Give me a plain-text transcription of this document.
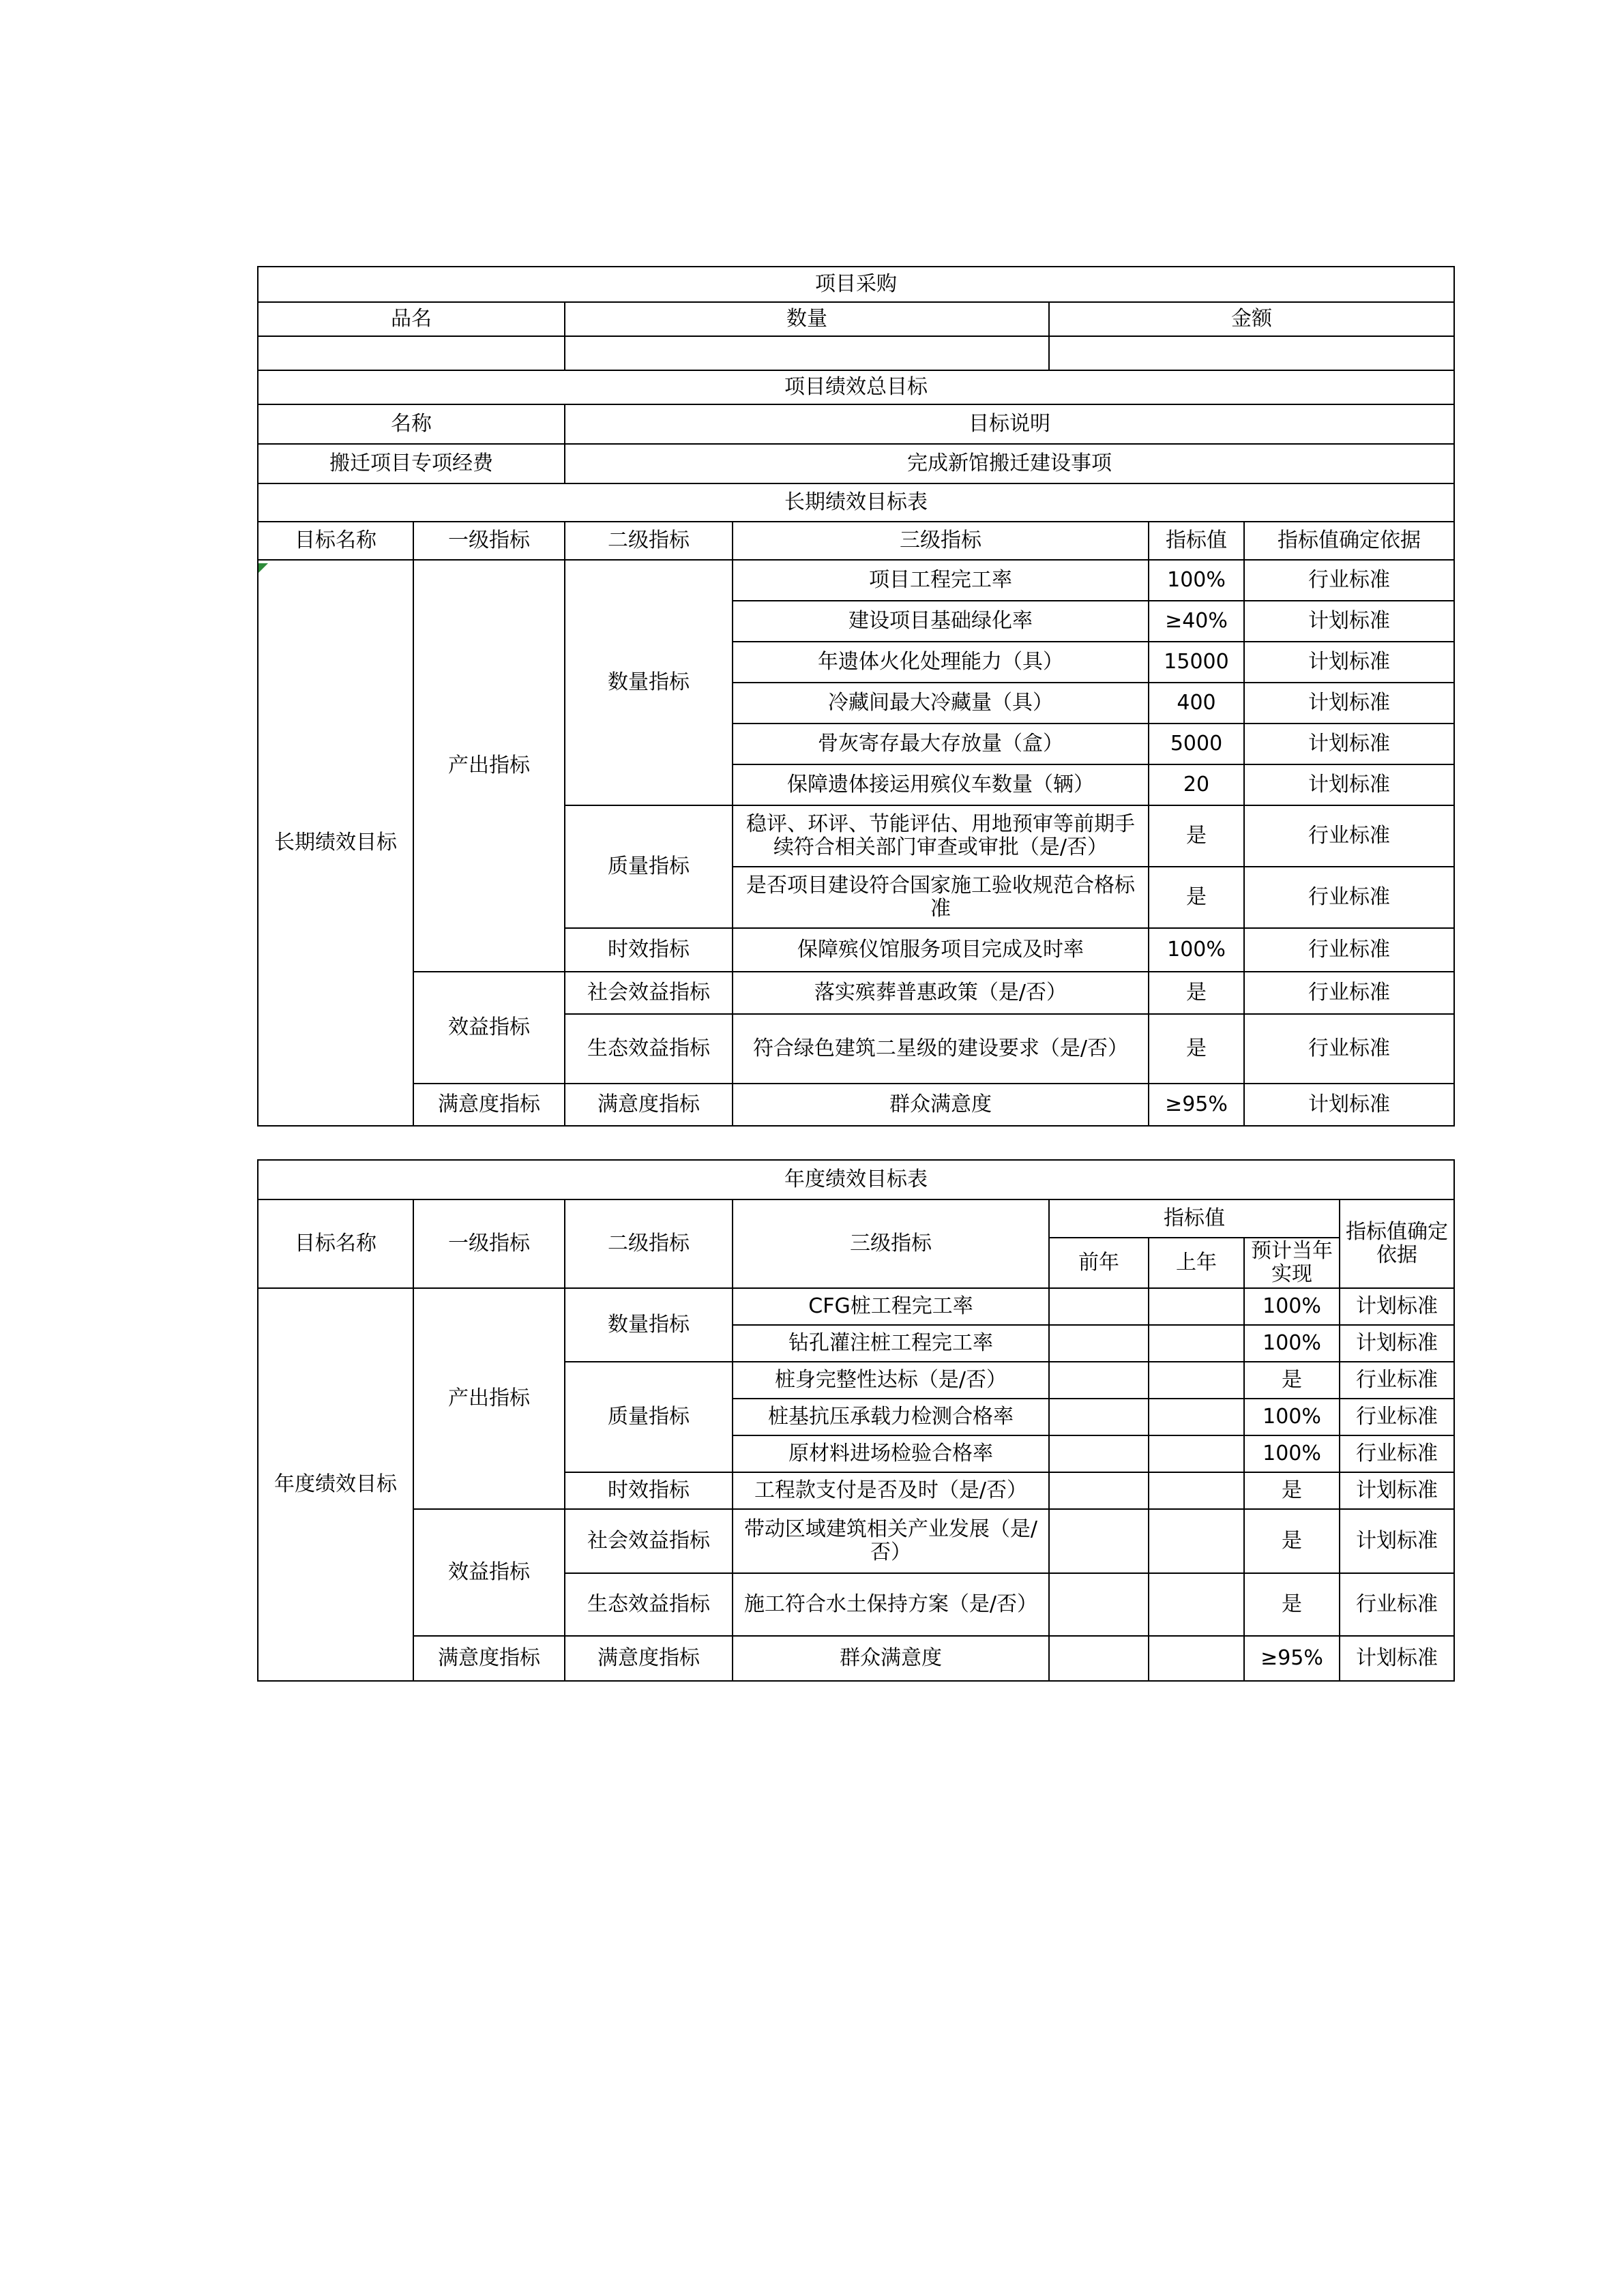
项目采购						
品名		数量		金额		

项目绩效总目标						
名称		目标说明				
搬迁项目专项经费		完成新馆搬迁建设事项				
长期绩效目标表						
目标名称	一级指标	二级指标	三级指标		指标值	指标值确定依据
长期绩效目标	产出指标	数量指标	项目工程完工率		100%	行业标准
			建设项目基础绿化率		≥40%	计划标准
			年遗体火化处理能力（具）		15000	计划标准
			冷藏间最大冷藏量（具）		400	计划标准
			骨灰寄存最大存放量（盒）		5000	计划标准
			保障遗体接运用殡仪车数量（辆）		20	计划标准
		质量指标	稳评、环评、节能评估、用地预审等前期手续符合相关部门审查或审批（是/否）		是	行业标准
			是否项目建设符合国家施工验收规范合格标准		是	行业标准
		时效指标	保障殡仪馆服务项目完成及时率		100%	行业标准
	效益指标	社会效益指标	落实殡葬普惠政策（是/否）		是	行业标准
		生态效益指标	符合绿色建筑二星级的建设要求（是/否）		是	行业标准
	满意度指标	满意度指标	群众满意度		≥95%	计划标准
年度绩效目标表							
目标名称	一级指标	二级指标	三级指标	指标值			指标值确定依据
				前年	上年	预计当年实现	
年度绩效目标	产出指标	数量指标	CFG桩工程完工率			100%	计划标准
			钻孔灌注桩工程完工率			100%	计划标准
		质量指标	桩身完整性达标（是/否）			是	行业标准
			桩基抗压承载力检测合格率			100%	行业标准
			原材料进场检验合格率			100%	行业标准
		时效指标	工程款支付是否及时（是/否）			是	计划标准
	效益指标	社会效益指标	带动区域建筑相关产业发展（是/否）			是	计划标准
		生态效益指标	施工符合水土保持方案（是/否）			是	行业标准
	满意度指标	满意度指标	群众满意度			≥95%	计划标准
